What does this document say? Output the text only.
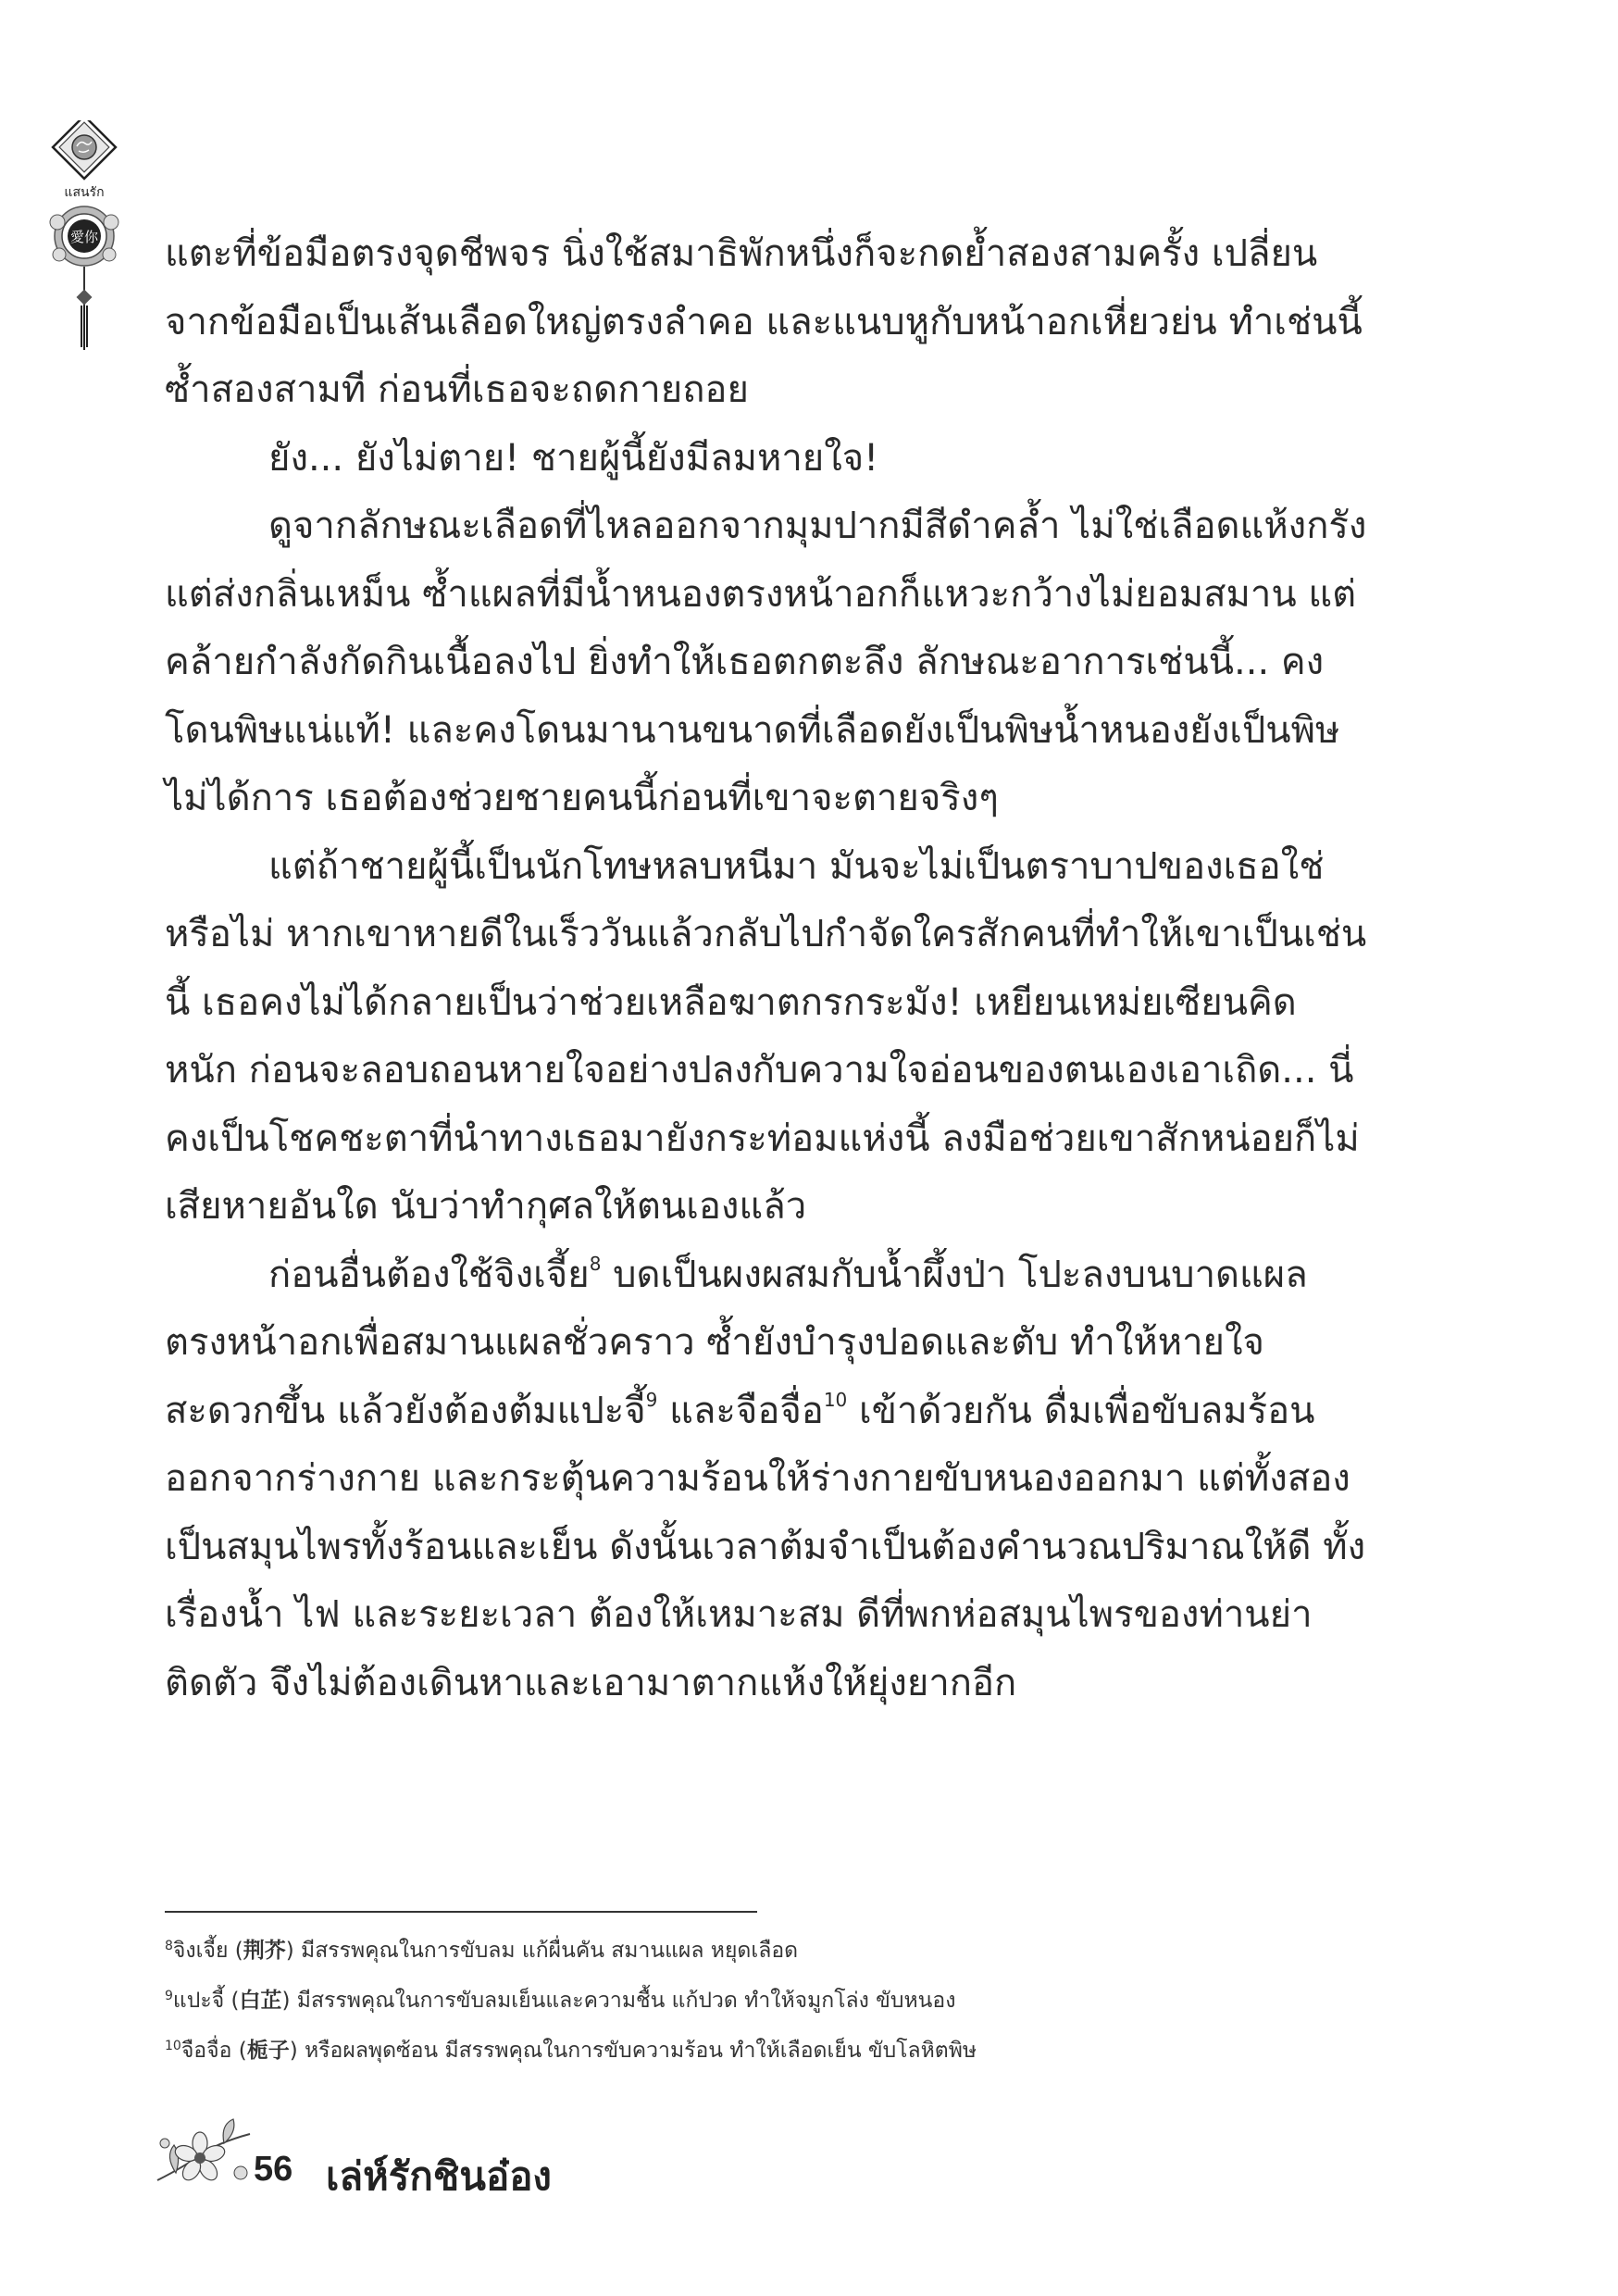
แสนรัก
愛你 แตะที่ข้อมือตรงจุดชีพจร นิ่งใช้สมาธิพักหนึ่งก็จะกดย้ำสองสามครั้ง เปลี่ยนจากข้อมือเป็นเส้นเลือดใหญ่ตรงลำคอ และแนบหูกับหน้าอกเหี่ยวย่น ทำเช่นนี้ซ้ำสองสามที ก่อนที่เธอจะถดกายถอย

ยัง... ยังไม่ตาย! ชายผู้นี้ยังมีลมหายใจ!

ดูจากลักษณะเลือดที่ไหลออกจากมุมปากมีสีดำคล้ำ ไม่ใช่เลือดแห้งกรัง แต่ส่งกลิ่นเหม็น ซ้ำแผลที่มีน้ำหนองตรงหน้าอกก็แหวะกว้างไม่ยอมสมาน แต่คล้ายกำลังกัดกินเนื้อลงไป ยิ่งทำให้เธอตกตะลึง ลักษณะอาการเช่นนี้... คงโดนพิษแน่แท้! และคงโดนมานานขนาดที่เลือดยังเป็นพิษน้ำหนองยังเป็นพิษ ไม่ได้การ เธอต้องช่วยชายคนนี้ก่อนที่เขาจะตายจริงๆ

แต่ถ้าชายผู้นี้เป็นนักโทษหลบหนีมา มันจะไม่เป็นตราบาปของเธอใช่หรือไม่ หากเขาหายดีในเร็ววันแล้วกลับไปกำจัดใครสักคนที่ทำให้เขาเป็นเช่นนี้ เธอคงไม่ได้กลายเป็นว่าช่วยเหลือฆาตกรกระมัง! เหยียนเหม่ยเซียนคิดหนัก ก่อนจะลอบถอนหายใจอย่างปลงกับความใจอ่อนของตนเองเอาเถิด... นี่คงเป็นโชคชะตาที่นำทางเธอมายังกระท่อมแห่งนี้ ลงมือช่วยเขาสักหน่อยก็ไม่เสียหายอันใด นับว่าทำกุศลให้ตนเองแล้ว

ก่อนอื่นต้องใช้จิงเจี้ย$^8$ บดเป็นผงผสมกับน้ำผึ้งป่า โปะลงบนบาดแผลตรงหน้าอกเพื่อสมานแผลชั่วคราว ซ้ำยังบำรุงปอดและตับ ทำให้หายใจสะดวกขึ้น แล้วยังต้องต้มแปะจี้$^9$ และจือจื่อ$^{10}$ เข้าด้วยกัน ดื่มเพื่อขับลมร้อนออกจากร่างกาย และกระตุ้นความร้อนให้ร่างกายขับหนองออกมา แต่ทั้งสองเป็นสมุนไพรทั้งร้อนและเย็น ดังนั้นเวลาต้มจำเป็นต้องคำนวณปริมาณให้ดี ทั้งเรื่องน้ำ ไฟ และระยะเวลา ต้องให้เหมาะสม ดีที่พกห่อสมุนไพรของท่านย่าติดตัว จึงไม่ต้องเดินหาและเอามาตากแห้งให้ยุ่งยากอีก

$^8$จิงเจี้ย (荆芥) มีสรรพคุณในการขับลม แก้ผื่นคัน สมานแผล หยุดเลือด
$^9$แปะจี้ (白芷) มีสรรพคุณในการขับลมเย็นและความชื้น แก้ปวด ทำให้จมูกโล่ง ขับหนอง
$^{10}$จือจื่อ (栀子) หรือผลพุดซ้อน มีสรรพคุณในการขับความร้อน ทำให้เลือดเย็น ขับโลหิตพิษ
56 เล่ห์รักชินอ๋อง
